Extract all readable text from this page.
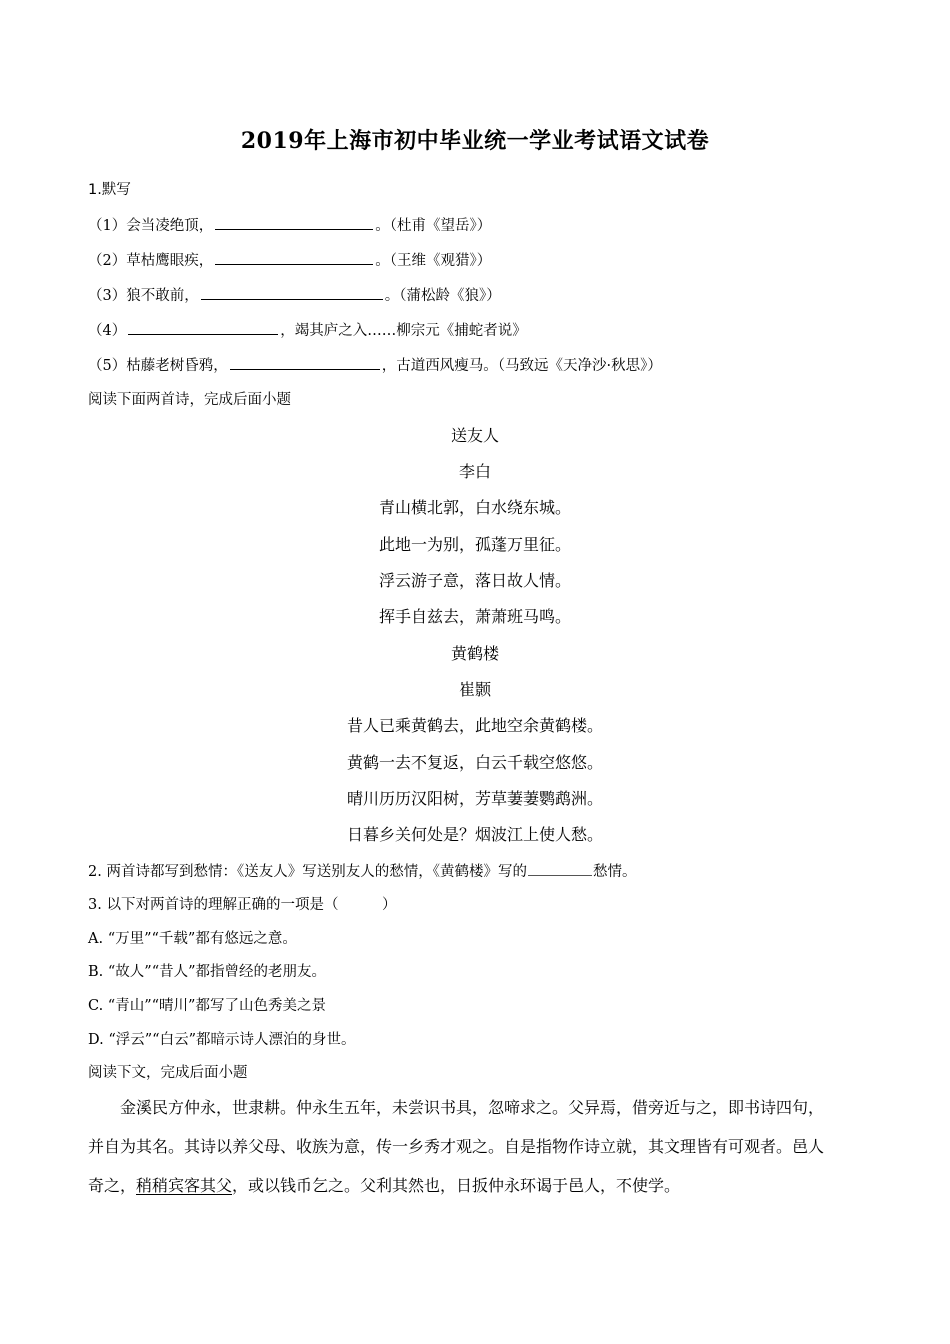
2019年上海市初中毕业统一学业考试语文试卷
1.默写
（1）会当凌绝顶，	。（杜甫《望岳》）
（2）草枯鹰眼疾，	。（王维《观猎》）
（3）狼不敢前，	。（蒲松龄《狼》）
（4）	，竭其庐之入……柳宗元《捕蛇者说》
（5）枯藤老树昏鸦，	，古道西风瘦马。（马致远《天净沙·秋思》）
阅读下面两首诗，完成后面小题
送友人
李白
青山横北郭，白水绕东城。
此地一为别，孤蓬万里征。
浮云游子意，落日故人情。
挥手自兹去，萧萧班马鸣。
黄鹤楼
崔颢
昔人已乘黄鹤去，此地空余黄鹤楼。
黄鹤一去不复返，白云千载空悠悠。
晴川历历汉阳树，芳草萋萋鹦鹉洲。
日暮乡关何处是？烟波江上使人愁。
2. 两首诗都写到愁情：《送友人》写送别友人的愁情，《黄鹤楼》写的	愁情。
3. 以下对两首诗的理解正确的一项是（　　　）
A. “万里”“千载”都有悠远之意。
B. “故人”“昔人”都指曾经的老朋友。
C. “青山”“晴川”都写了山色秀美之景
D. “浮云”“白云”都暗示诗人漂泊的身世。
阅读下文，完成后面小题
金溪民方仲永，世隶耕。仲永生五年，未尝识书具，忽啼求之。父异焉，借旁近与之，即书诗四句，
并自为其名。其诗以养父母、收族为意，传一乡秀才观之。自是指物作诗立就，其文理皆有可观者。邑人
奇之，稍稍宾客其父，或以钱币乞之。父利其然也，日扳仲永环谒于邑人，不使学。
